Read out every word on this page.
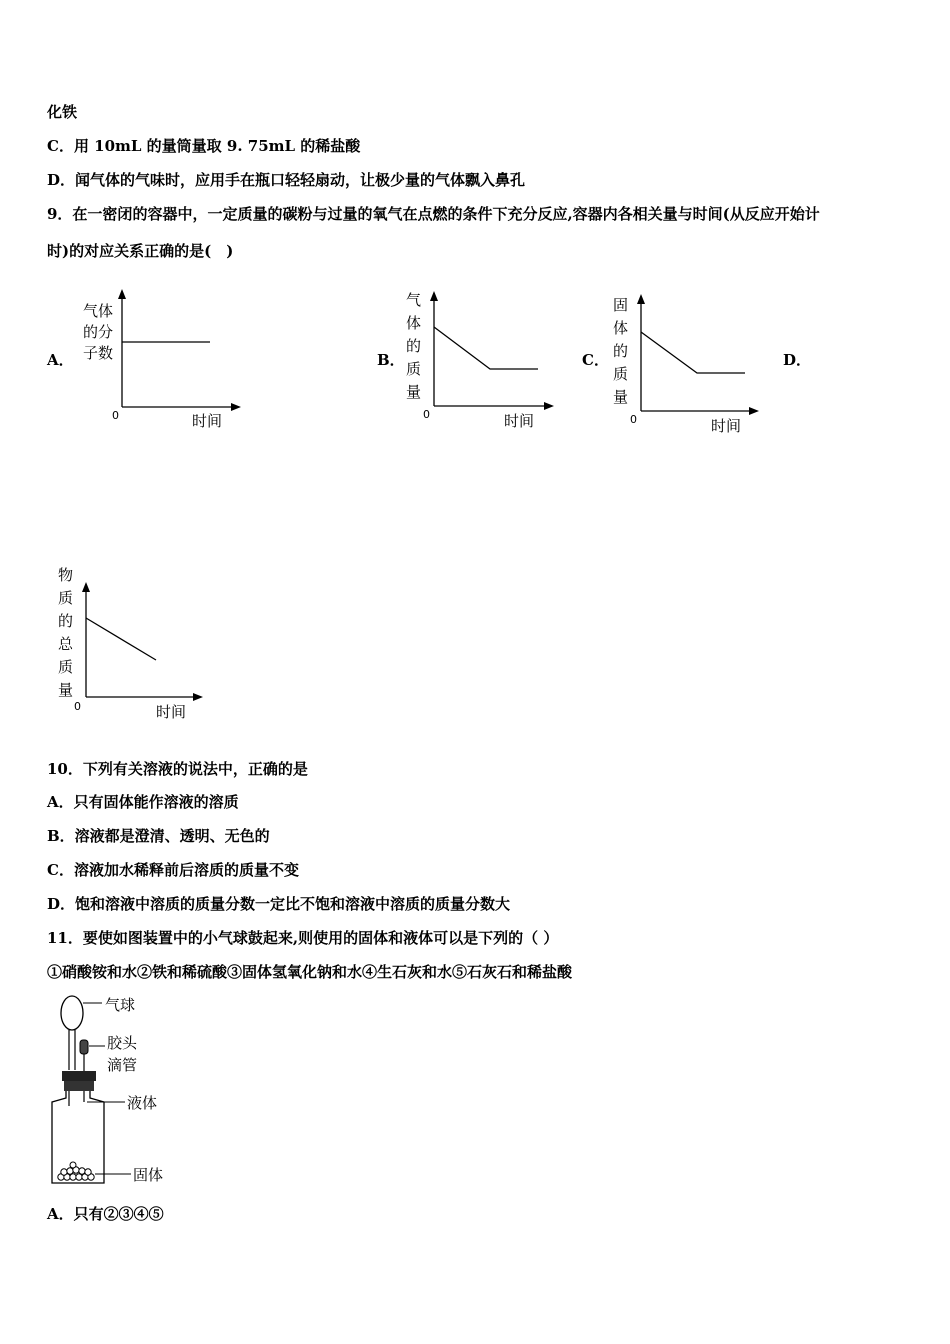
化铁
C．用 10mL 的量筒量取 9. 75mL 的稀盐酸
D．闻气体的气味时，应用手在瓶口轻轻扇动，让极少量的气体飘入鼻孔
9．在一密闭的容器中，一定质量的碳粉与过量的氧气在点燃的条件下充分反应,容器内各相关量与时间(从反应开始计
时)的对应关系正确的是(　)
A．	B．	C．	D．
气体
的分
子数
0	时间
气
体
的
质
量
0	时间
固
体
的
质
量
0	时间
物
质
的
总
质
量
0	时间
10．下列有关溶液的说法中，正确的是
A．只有固体能作溶液的溶质
B．溶液都是澄清、透明、无色的
C．溶液加水稀释前后溶质的质量不变
D．饱和溶液中溶质的质量分数一定比不饱和溶液中溶质的质量分数大
11．要使如图装置中的小气球鼓起来,则使用的固体和液体可以是下列的（ ）
①硝酸铵和水②铁和稀硫酸③固体氢氧化钠和水④生石灰和水⑤石灰石和稀盐酸
气球
胶头
滴管
液体
固体
A．只有②③④⑤
